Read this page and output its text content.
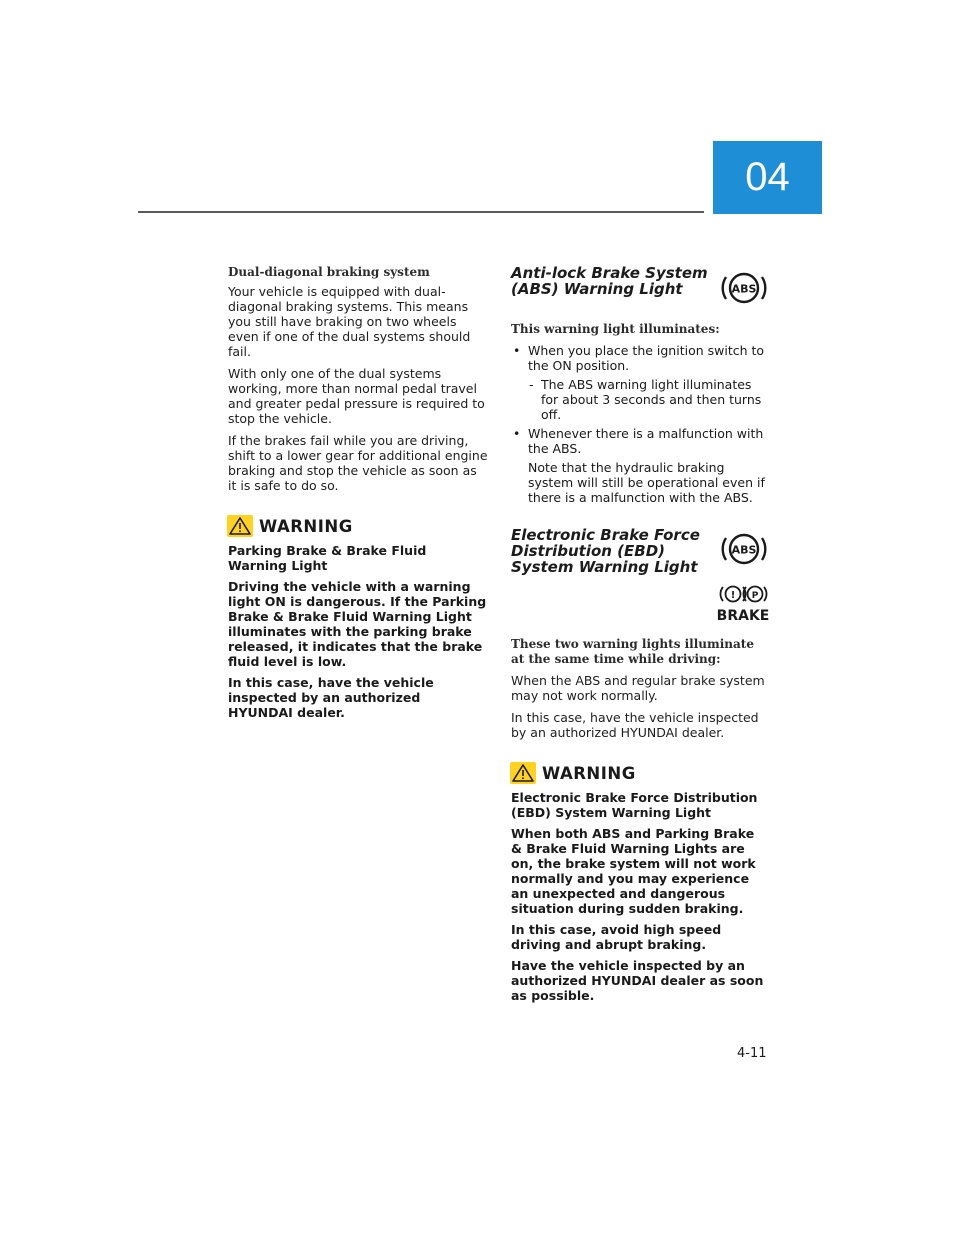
04
Dual-diagonal braking system

Your vehicle is equipped with dual-diagonal braking systems. This means you still have braking on two wheels even if one of the dual systems should fail.

With only one of the dual systems working, more than normal pedal travel and greater pedal pressure is required to stop the vehicle.

If the brakes fail while you are driving, shift to a lower gear for additional engine braking and stop the vehicle as soon as it is safe to do so.

WARNING

Parking Brake & Brake Fluid Warning Light

Driving the vehicle with a warning light ON is dangerous. If the Parking Brake & Brake Fluid Warning Light illuminates with the parking brake released, it indicates that the brake fluid level is low.

In this case, have the vehicle inspected by an authorized HYUNDAI dealer.

Anti-lock Brake System (ABS) Warning Light	ABS
This warning light illuminates:
• When you place the ignition switch to the ON position.
- The ABS warning light illuminates for about 3 seconds and then turns off.
• Whenever there is a malfunction with the ABS.
Note that the hydraulic braking system will still be operational even if there is a malfunction with the ABS.
Electronic Brake Force Distribution (EBD) System Warning Light
ABS
! P
BRAKE
These two warning lights illuminate at the same time while driving:

When the ABS and regular brake system may not work normally.

In this case, have the vehicle inspected by an authorized HYUNDAI dealer.

WARNING

Electronic Brake Force Distribution (EBD) System Warning Light

When both ABS and Parking Brake & Brake Fluid Warning Lights are on, the brake system will not work normally and you may experience an unexpected and dangerous situation during sudden braking.

In this case, avoid high speed driving and abrupt braking.

Have the vehicle inspected by an authorized HYUNDAI dealer as soon as possible.

4-11
